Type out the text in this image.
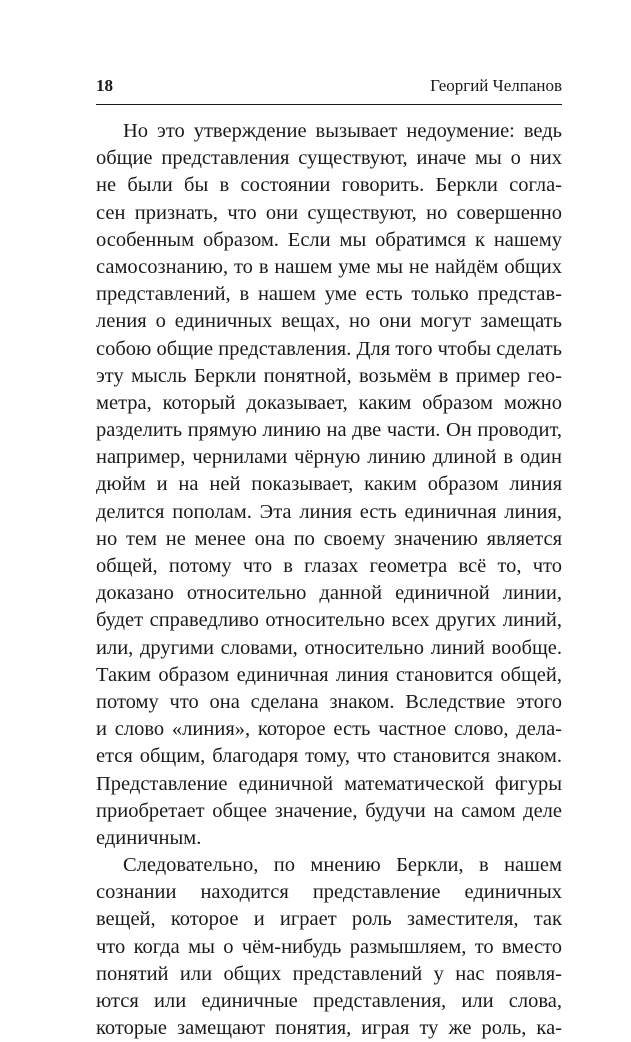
18	Георгий Челпанов
Но это утверждение вызывает недоумение: ведь
общие представления существуют, иначе мы о них
не были бы в состоянии говорить. Беркли согла-
сен признать, что они существуют, но совершенно
особенным образом. Если мы обратимся к нашему
самосознанию, то в нашем уме мы не найдём общих
представлений, в нашем уме есть только представ-
ления о единичных вещах, но они могут замещать
собою общие представления. Для того чтобы сделать
эту мысль Беркли понятной, возьмём в пример гео-
метра, который доказывает, каким образом можно
разделить прямую линию на две части. Он проводит,
например, чернилами чёрную линию длиной в один
дюйм и на ней показывает, каким образом линия
делится пополам. Эта линия есть единичная линия,
но тем не менее она по своему значению является
общей, потому что в глазах геометра всё то, что
доказано относительно данной единичной линии,
будет справедливо относительно всех других линий,
или, другими словами, относительно линий вообще.
Таким образом единичная линия становится общей,
потому что она сделана знаком. Вследствие этого
и слово «линия», которое есть частное слово, дела-
ется общим, благодаря тому, что становится знаком.
Представление единичной математической фигуры
приобретает общее значение, будучи на самом деле
единичным.
Следовательно, по мнению Беркли, в нашем
сознании находится представление единичных
вещей, которое и играет роль заместителя, так
что когда мы о чём-нибудь размышляем, то вместо
понятий или общих представлений у нас появля-
ются или единичные представления, или слова,
которые замещают понятия, играя ту же роль, ка-
